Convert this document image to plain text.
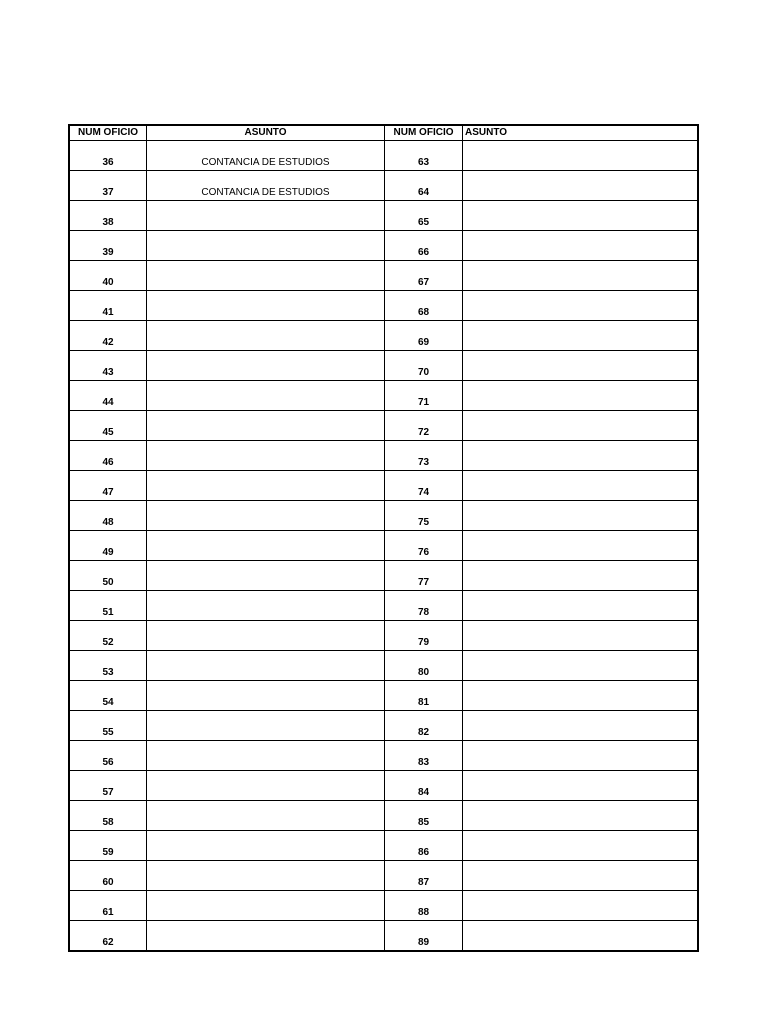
NUM OFICIO	ASUNTO	NUM OFICIO	ASUNTO
36	CONTANCIA DE ESTUDIOS	63	
37	CONTANCIA DE ESTUDIOS	64	
38		65	
39		66	
40		67	
41		68	
42		69	
43		70	
44		71	
45		72	
46		73	
47		74	
48		75	
49		76	
50		77	
51		78	
52		79	
53		80	
54		81	
55		82	
56		83	
57		84	
58		85	
59		86	
60		87	
61		88	
62		89	
